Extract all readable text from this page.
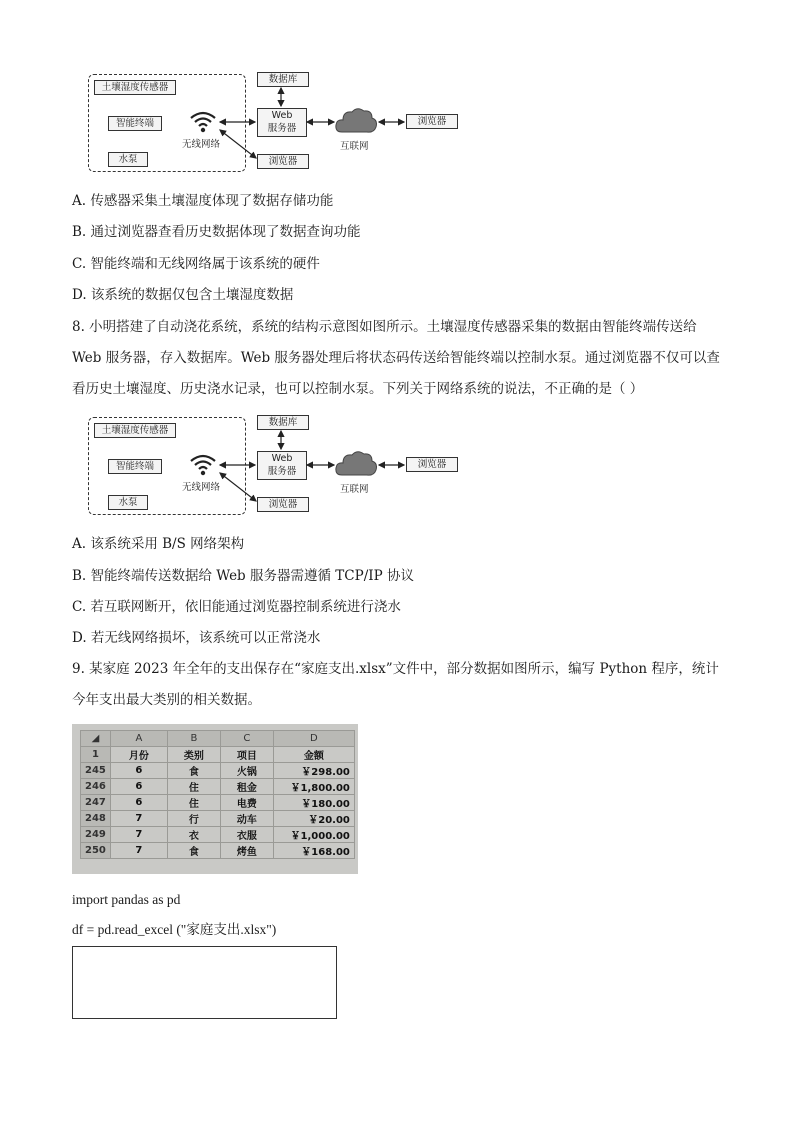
土壤湿度传感器
智能终端
水泵
无线网络
数据库
Web
服务器
浏览器
互联网
浏览器
A. 传感器采集土壤湿度体现了数据存储功能
B. 通过浏览器查看历史数据体现了数据查询功能
C. 智能终端和无线网络属于该系统的硬件
D. 该系统的数据仅包含土壤湿度数据
8. 小明搭建了自动浇花系统，系统的结构示意图如图所示。土壤湿度传感器采集的数据由智能终端传送给 Web 服务器，存入数据库。Web 服务器处理后将状态码传送给智能终端以控制水泵。通过浏览器不仅可以查看历史土壤湿度、历史浇水记录，也可以控制水泵。下列关于网络系统的说法，不正确的是（ ）
土壤湿度传感器
智能终端
水泵
无线网络
数据库
Web
服务器
浏览器
互联网
浏览器
A. 该系统采用 B/S 网络架构
B. 智能终端传送数据给 Web 服务器需遵循 TCP/IP 协议
C. 若互联网断开，依旧能通过浏览器控制系统进行浇水
D. 若无线网络损坏，该系统可以正常浇水
9. 某家庭 2023 年全年的支出保存在“家庭支出.xlsx”文件中，部分数据如图所示，编写 Python 程序，统计今年支出最大类别的相关数据。
◢	A	B	C	D
1	月份	类别	项目	金额
245	6	食	火锅	￥298.00
246	6	住	租金	￥1,800.00
247	6	住	电费	￥180.00
248	7	行	动车	￥20.00
249	7	衣	衣服	￥1,000.00
250	7	食	烤鱼	￥168.00
import pandas as pd
df = pd.read_excel ("家庭支出.xlsx")
